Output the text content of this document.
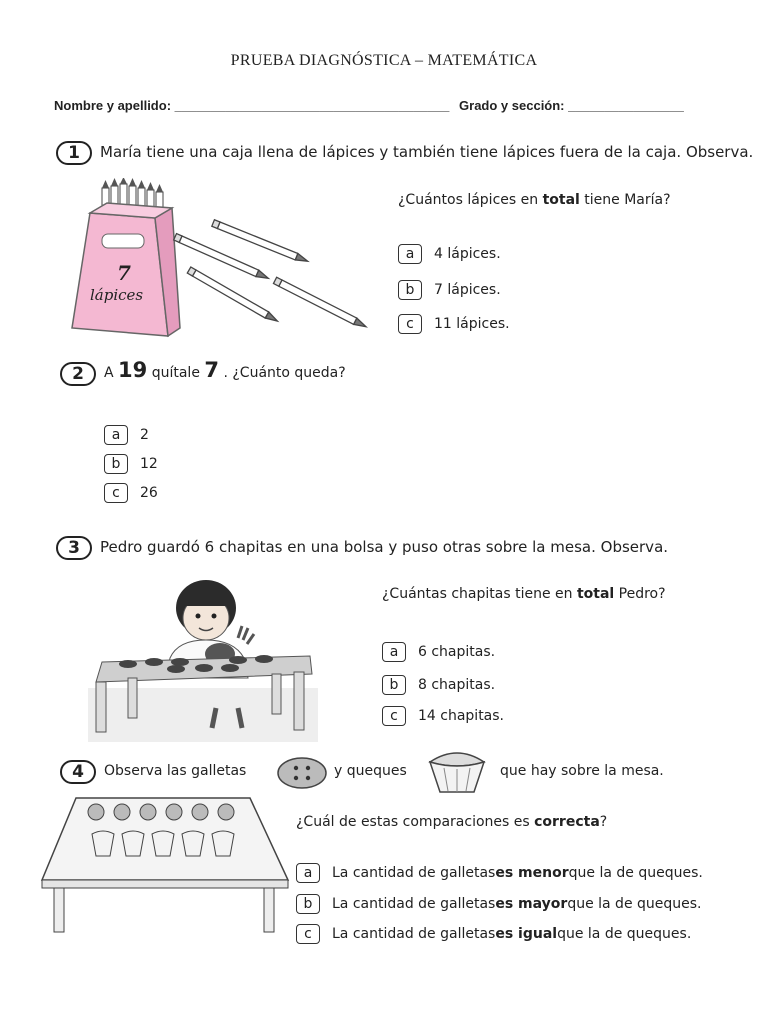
PRUEBA DIAGNÓSTICA – MATEMÁTICA
Nombre y apellido: ______________________________________ Grado y sección: ________________
1	María tiene una caja llena de lápices y también tiene lápices fuera de la caja. Observa.
7
lápices
¿Cuántos lápices en total tiene María?
a	4 lápices.
b	7 lápices.
c	11 lápices.
2	A 19 quítale 7 . ¿Cuánto queda?
a	2
b	12
c	26
3	Pedro guardó 6 chapitas en una bolsa y puso otras sobre la mesa. Observa.
¿Cuántas chapitas tiene en total Pedro?
a	6 chapitas.
b	8 chapitas.
c	14 chapitas.
4	Observa las galletas	y queques	que hay sobre la mesa.
¿Cuál de estas comparaciones es correcta?
a	La cantidad de galletas es menor que la de queques.
b	La cantidad de galletas es mayor que la de queques.
c	La cantidad de galletas es igual que la de queques.
